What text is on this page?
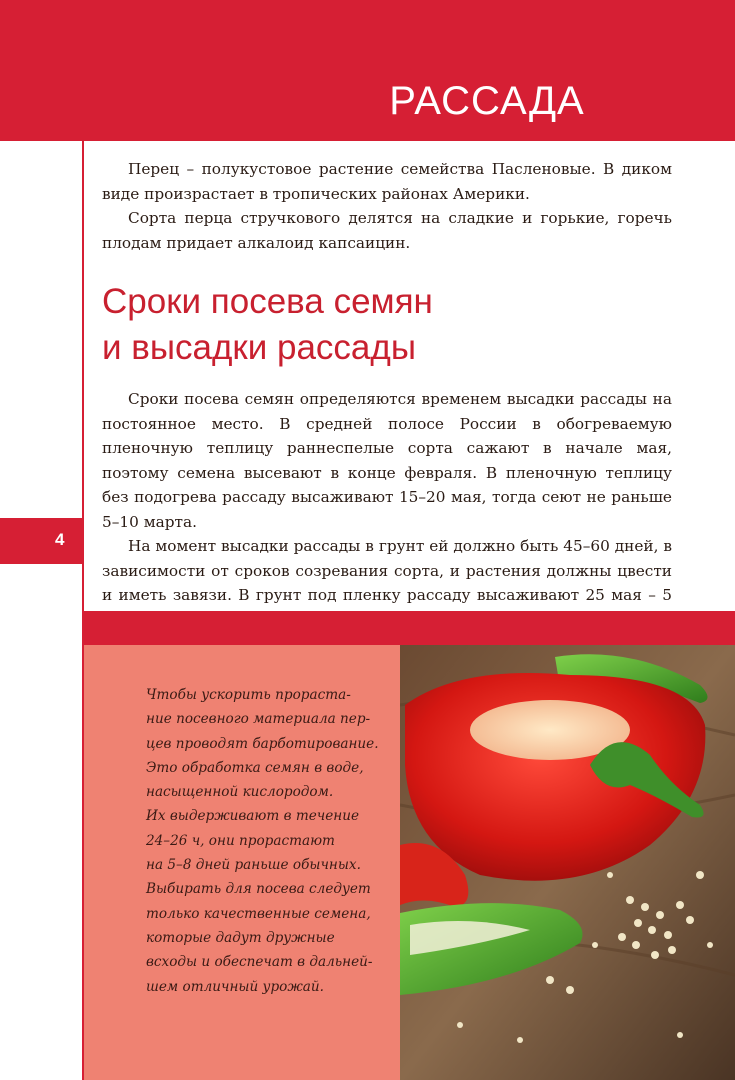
РАССАДА
4

Перец – полукустовое растение семейства Пасленовые. В диком виде произрастает в тропических районах Америки.

Сорта перца стручкового делятся на сладкие и горькие, горечь плодам придает алкалоид капсаицин.

Сроки посева семян
и высадки рассады

Сроки посева семян определяются временем высадки рассады на постоянное место. В средней полосе России в обогреваемую пленочную теплицу раннеспелые сорта сажают в начале мая, поэтому семена высевают в конце февраля. В пленочную теплицу без подогрева рассаду высаживают 15–20 мая, тогда сеют не раньше 5–10 марта.

На момент высадки рассады в грунт ей должно быть 45–60 дней, в зависимости от сроков созревания сорта, и растения должны цвести и иметь завязи. В грунт под пленку рассаду высаживают 25 мая – 5

Чтобы ускорить прораста-
ние посевного материала пер-
цев проводят барботирование.
Это обработка семян в воде,
насыщенной кислородом.
Их выдерживают в течение
24–26 ч, они прорастают
на 5–8 дней раньше обычных.
Выбирать для посева следует
только качественные семена,
которые дадут дружные
всходы и обеспечат в дальней-
шем отличный урожай.
